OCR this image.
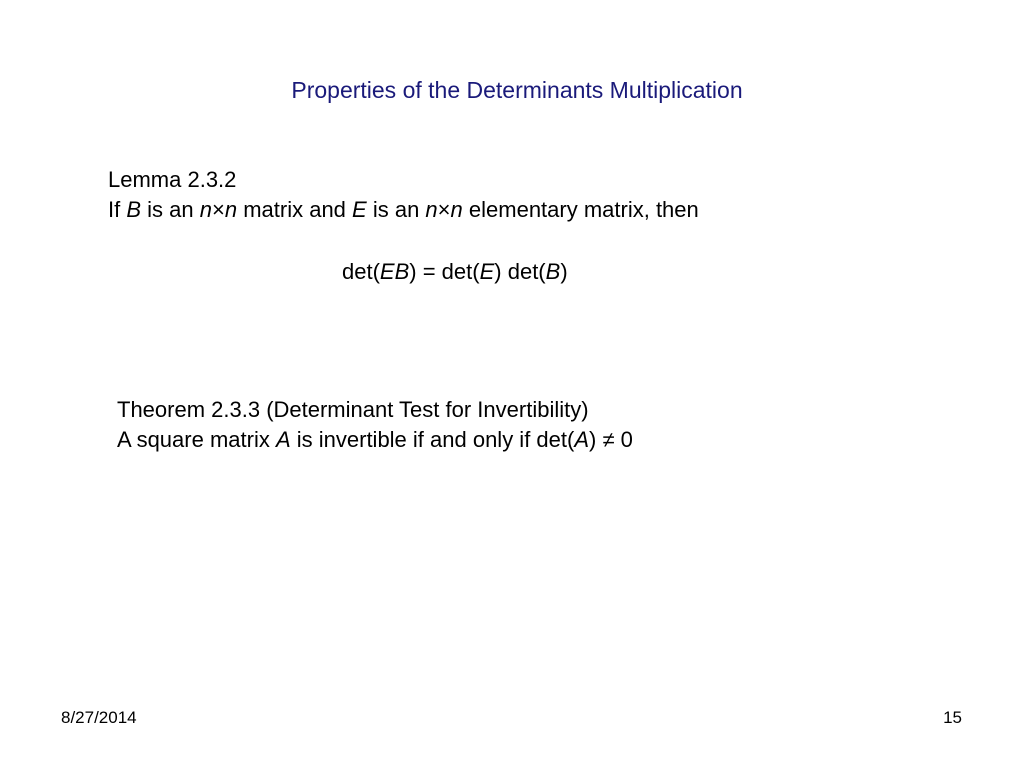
Properties of the Determinants Multiplication
Lemma 2.3.2
If B is an n×n matrix and E is an n×n elementary matrix, then
det(EB) = det(E) det(B)
Theorem 2.3.3 (Determinant Test for Invertibility)
A square matrix A is invertible if and only if det(A) ≠ 0
8/27/2014	15
